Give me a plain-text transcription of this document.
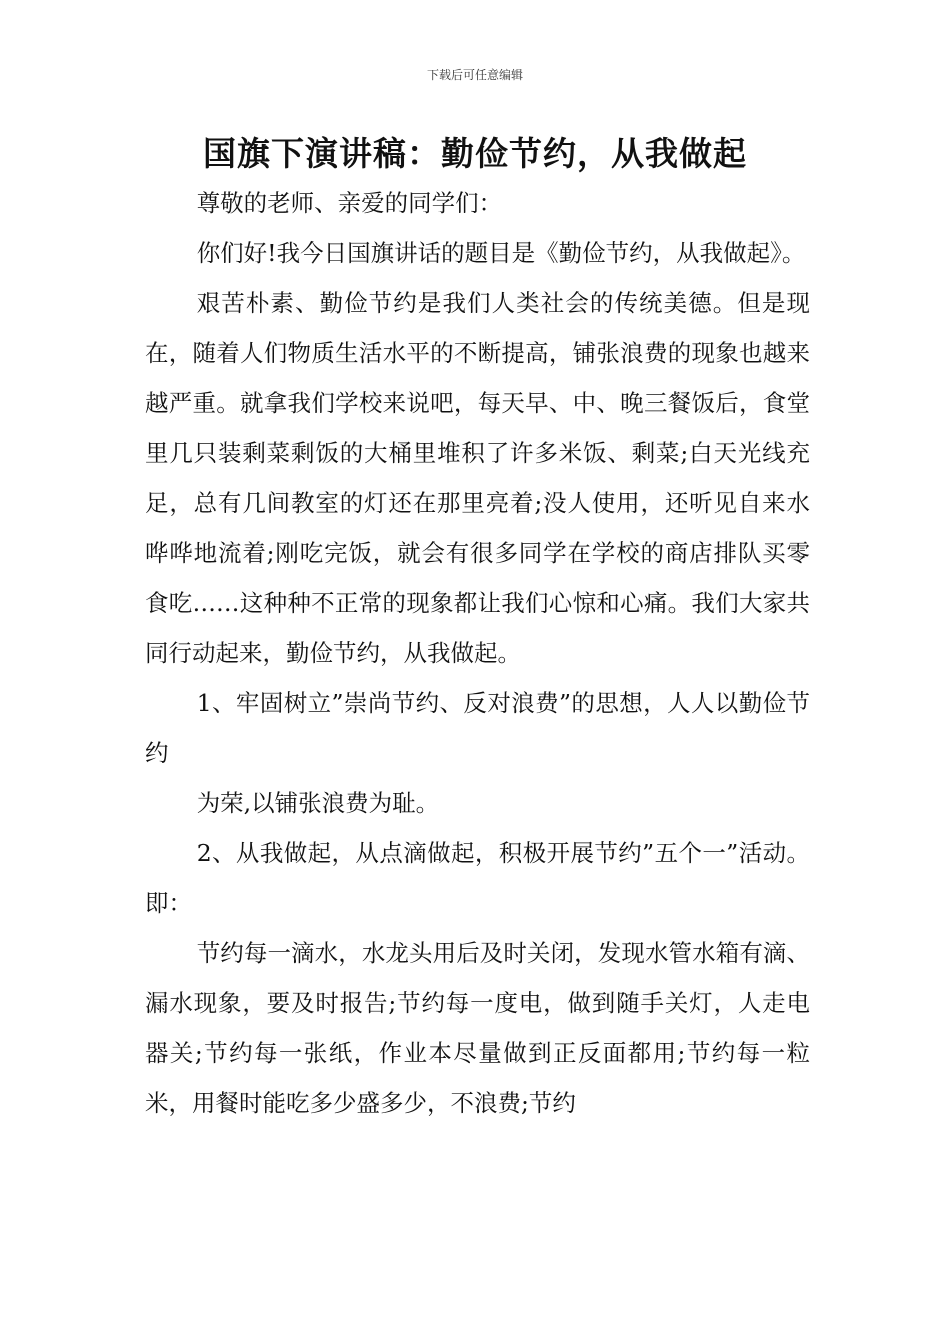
下载后可任意编辑
国旗下演讲稿：勤俭节约，从我做起

尊敬的老师、亲爱的同学们：

你们好!我今日国旗讲话的题目是《勤俭节约，从我做起》。

艰苦朴素、勤俭节约是我们人类社会的传统美德。但是现在，随着人们物质生活水平的不断提高，铺张浪费的现象也越来越严重。就拿我们学校来说吧，每天早、中、晚三餐饭后，食堂里几只装剩菜剩饭的大桶里堆积了许多米饭、剩菜;白天光线充足，总有几间教室的灯还在那里亮着;没人使用，还听见自来水哗哗地流着;刚吃完饭，就会有很多同学在学校的商店排队买零食吃……这种种不正常的现象都让我们心惊和心痛。我们大家共同行动起来，勤俭节约，从我做起。

1、牢固树立”崇尚节约、反对浪费”的思想，人人以勤俭节约

为荣,以铺张浪费为耻。

2、从我做起，从点滴做起，积极开展节约”五个一”活动。即：

节约每一滴水，水龙头用后及时关闭，发现水管水箱有滴、漏水现象，要及时报告;节约每一度电，做到随手关灯，人走电器关;节约每一张纸，作业本尽量做到正反面都用;节约每一粒米，用餐时能吃多少盛多少，不浪费;节约
